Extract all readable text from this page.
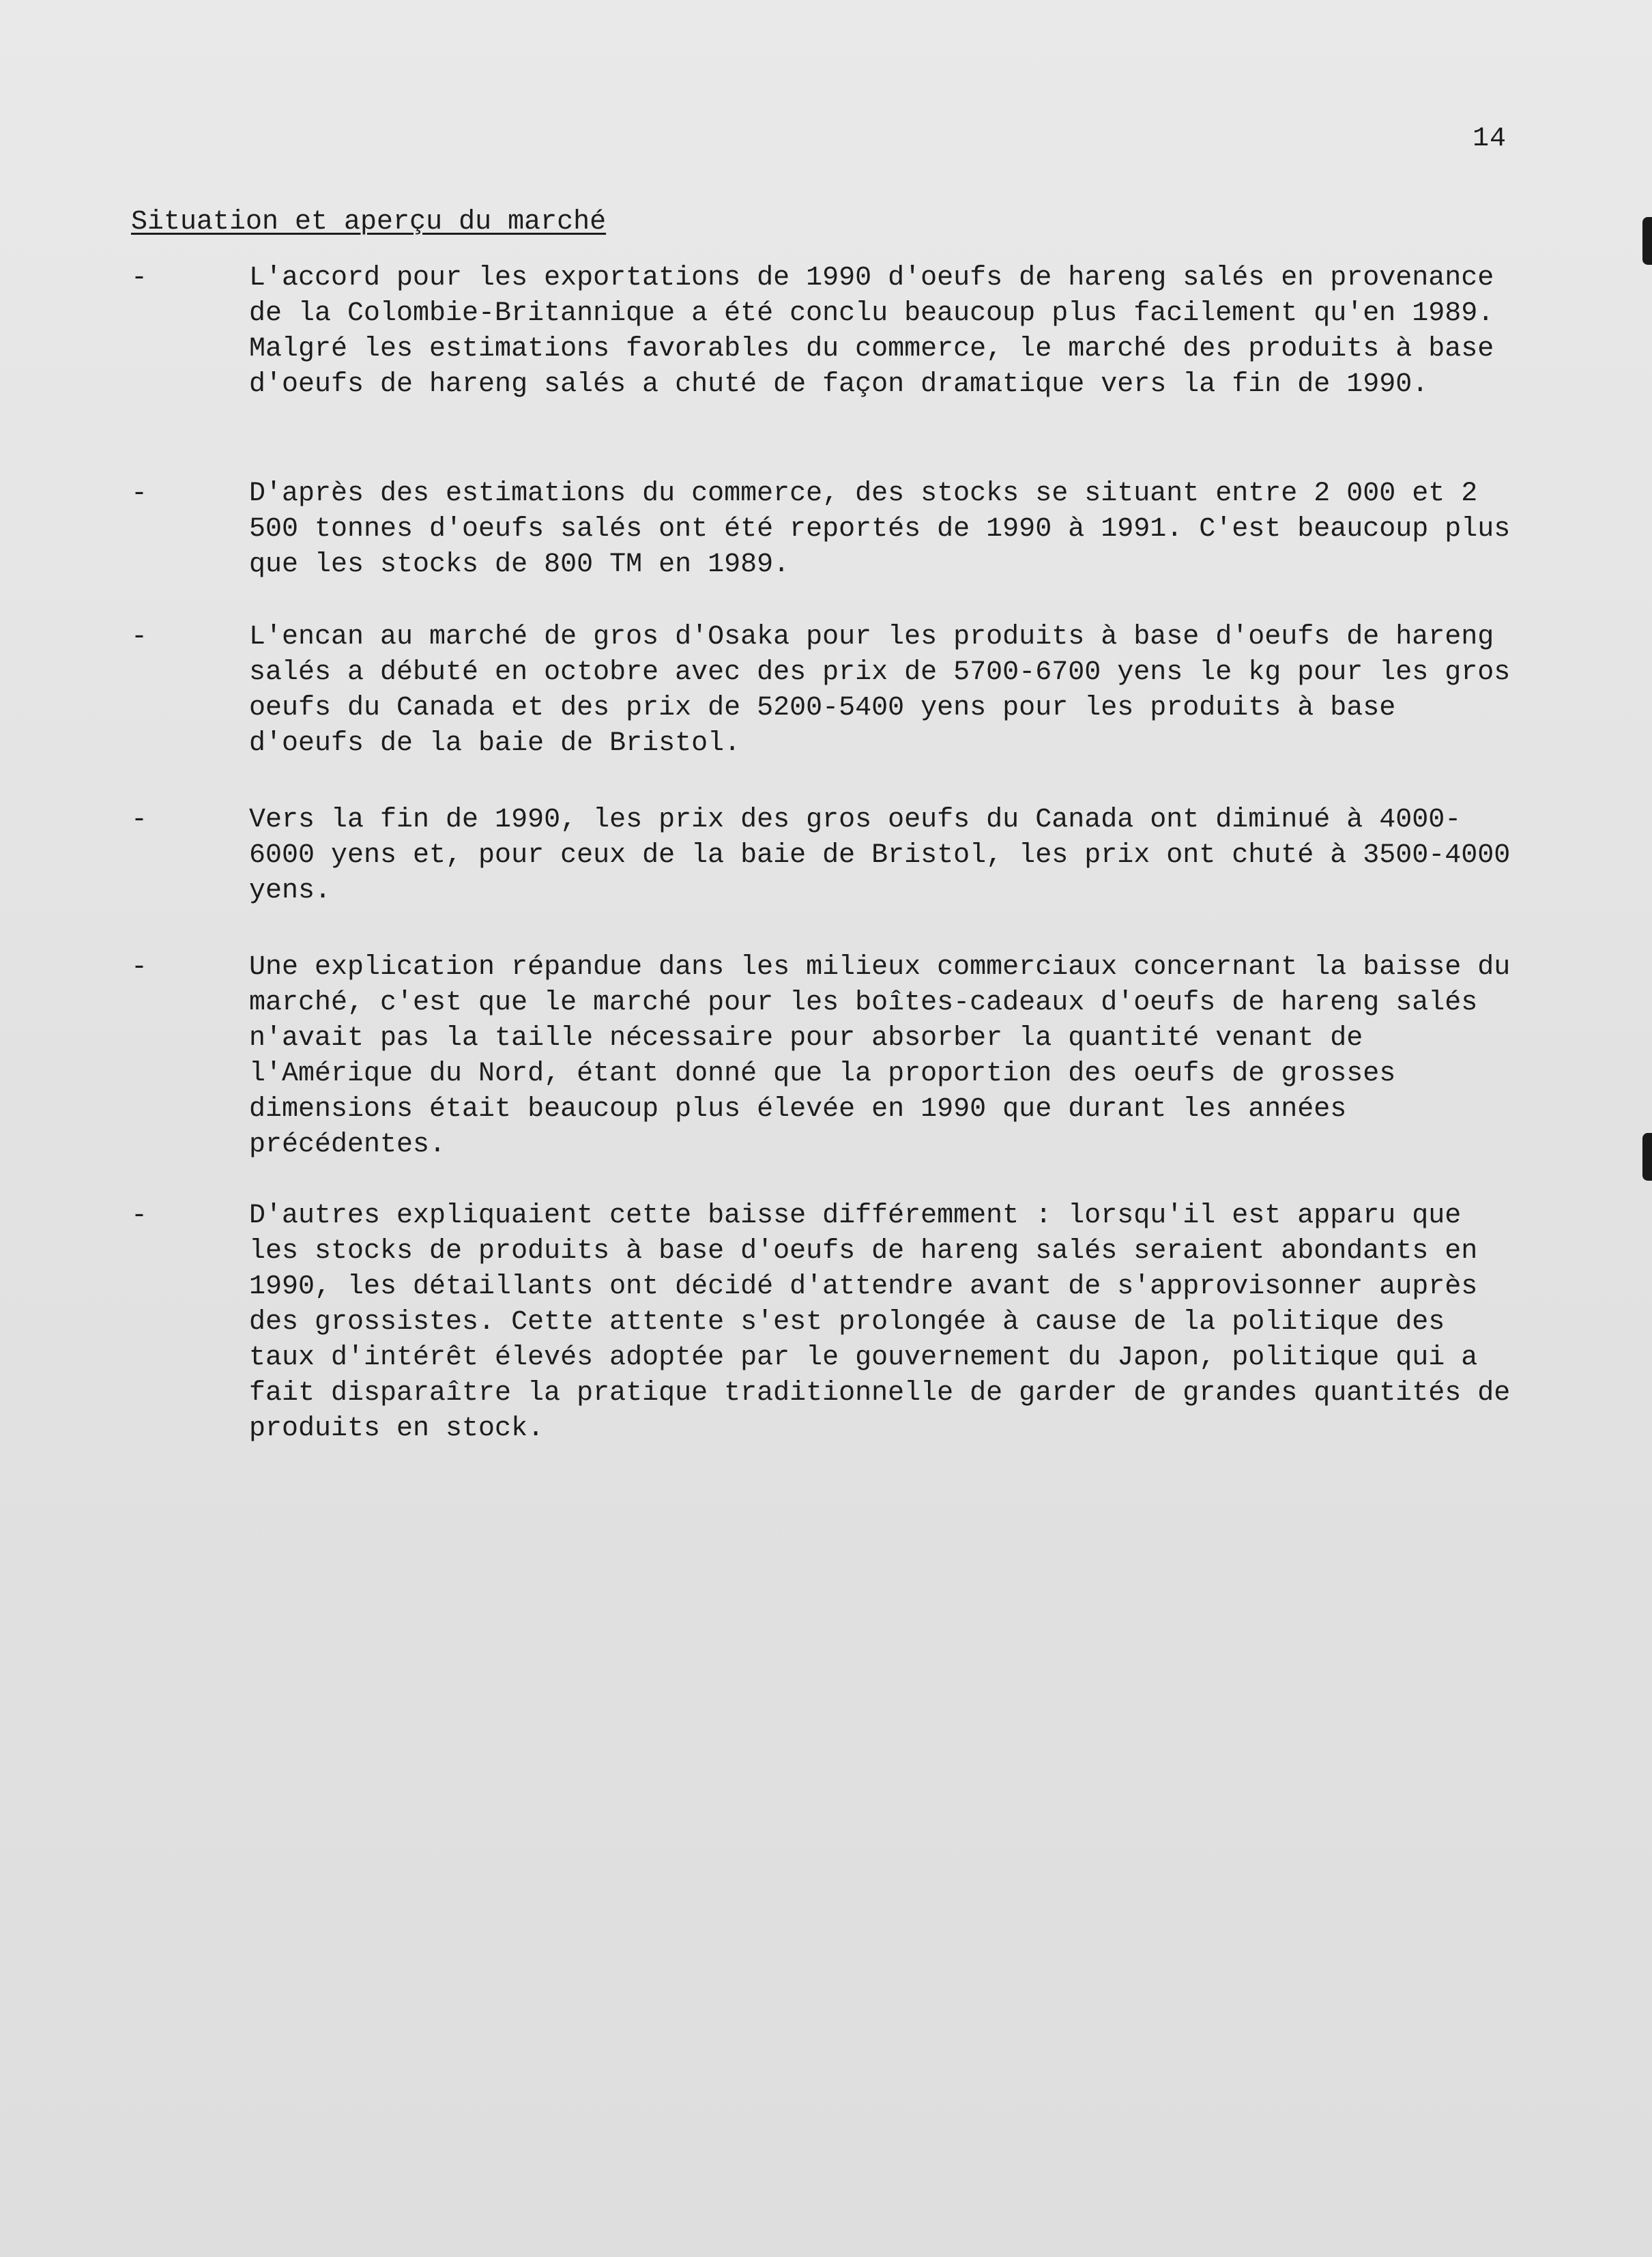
14
Situation et aperçu du marché
-	L'accord pour les exportations de 1990 d'oeufs de hareng salés en provenance de la Colombie-Britannique a été conclu beaucoup plus facilement qu'en 1989. Malgré les estimations favorables du commerce, le marché des produits à base d'oeufs de hareng salés a chuté de façon dramatique vers la fin de 1990.
-	D'après des estimations du commerce, des stocks se situant entre 2 000 et 2 500 tonnes d'oeufs salés ont été reportés de 1990 à 1991. C'est beaucoup plus que les stocks de 800 TM en 1989.
-	L'encan au marché de gros d'Osaka pour les produits à base d'oeufs de hareng salés a débuté en octobre avec des prix de 5700-6700 yens le kg pour les gros oeufs du Canada et des prix de 5200-5400 yens pour les produits à base d'oeufs de la baie de Bristol.
-	Vers la fin de 1990, les prix des gros oeufs du Canada ont diminué à 4000-6000 yens et, pour ceux de la baie de Bristol, les prix ont chuté à 3500-4000 yens.
-	Une explication répandue dans les milieux commerciaux concernant la baisse du marché, c'est que le marché pour les boîtes-cadeaux d'oeufs de hareng salés n'avait pas la taille nécessaire pour absorber la quantité venant de l'Amérique du Nord, étant donné que la proportion des oeufs de grosses dimensions était beaucoup plus élevée en 1990 que durant les années précédentes.
-	D'autres expliquaient cette baisse différemment : lorsqu'il est apparu que les stocks de produits à base d'oeufs de hareng salés seraient abondants en 1990, les détaillants ont décidé d'attendre avant de s'approvisonner auprès des grossistes. Cette attente s'est prolongée à cause de la politique des taux d'intérêt élevés adoptée par le gouvernement du Japon, politique qui a fait disparaître la pratique traditionnelle de garder de grandes quantités de produits en stock.
